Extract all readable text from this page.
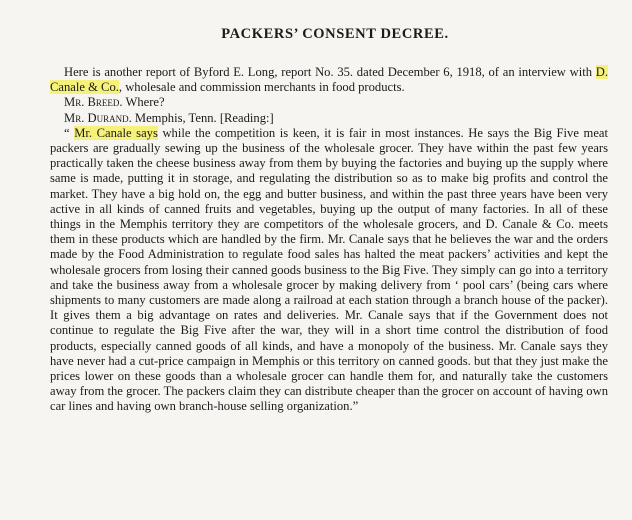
PACKERS’ CONSENT DECREE.

Here is another report of Byford E. Long, report No. 35. dated December 6, 1918, of an interview with D. Canale & Co., wholesale and commission merchants in food products.

Mr. Breed. Where?

Mr. Durand. Memphis, Tenn. [Reading:]

“ Mr. Canale says while the competition is keen, it is fair in most instances. He says the Big Five meat packers are gradually sewing up the business of the wholesale grocer. They have within the past few years practically taken the cheese business away from them by buying the factories and buying up the supply where same is made, putting it in storage, and regulating the distribution so as to make big profits and control the market. They have a big hold on, the egg and butter business, and within the past three years have been very active in all kinds of canned fruits and vegetables, buying up the output of many factories. In all of these things in the Memphis territory they are competitors of the wholesale grocers, and D. Canale & Co. meets them in these products which are handled by the firm. Mr. Canale says that he believes the war and the orders made by the Food Administration to regulate food sales has halted the meat packers’ activities and kept the wholesale grocers from losing their canned goods business to the Big Five. They simply can go into a territory and take the business away from a wholesale grocer by making delivery from ‘ pool cars’ (being cars where shipments to many customers are made along a railroad at each station through a branch house of the packer). It gives them a big advantage on rates and deliveries. Mr. Canale says that if the Government does not continue to regulate the Big Five after the war, they will in a short time control the distribution of food products, especially canned goods of all kinds, and have a monopoly of the business. Mr. Canale says they have never had a cut-price campaign in Memphis or this territory on canned goods. but that they just make the prices lower on these goods than a wholesale grocer can handle them for, and naturally take the customers away from the grocer. The packers claim they can distribute cheaper than the grocer on account of having own car lines and having own branch-house selling organization.”
